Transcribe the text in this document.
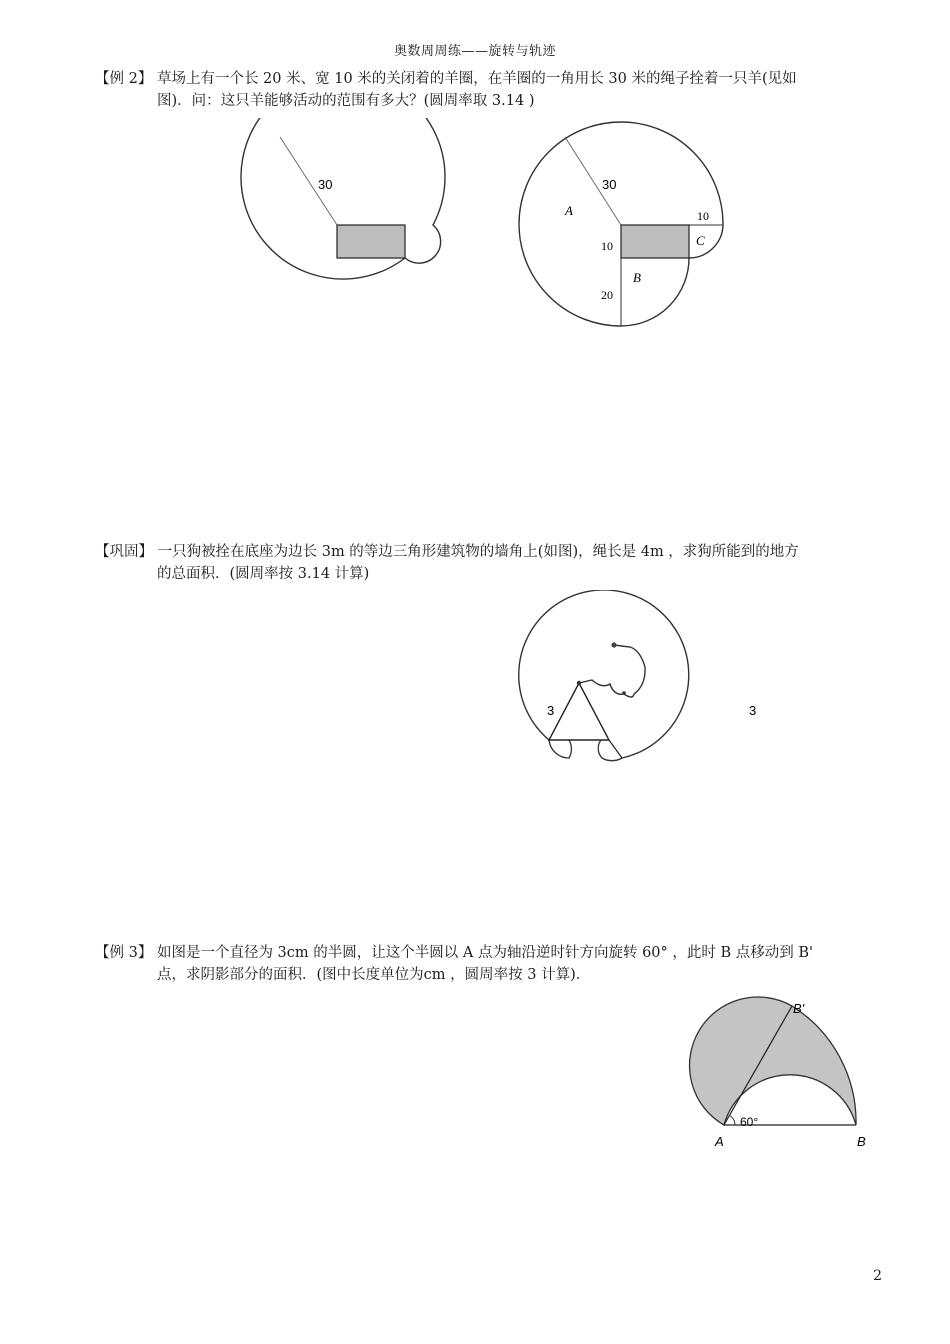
奥数周周练——旋转与轨迹
【例 2】 草场上有一个长 20 米、宽 10 米的关闭着的羊圈，在羊圈的一角用长 30 米的绳子拴着一只羊(见如
图)．问：这只羊能够活动的范围有多大？(圆周率取 3.14 )
30	30
10
10
20
A
B
C
【巩固】 一只狗被拴在底座为边长 3m 的等边三角形建筑物的墙角上(如图)，绳长是 4m ，求狗所能到的地方
的总面积．(圆周率按 3.14 计算)
3	3
【例 3】 如图是一个直径为 3cm 的半圆，让这个半圆以 A 点为轴沿逆时针方向旋转 60° ，此时 B 点移动到 B'
点，求阴影部分的面积．(图中长度单位为cm ，圆周率按 3 计算)．
60°
A	B
B'
2
